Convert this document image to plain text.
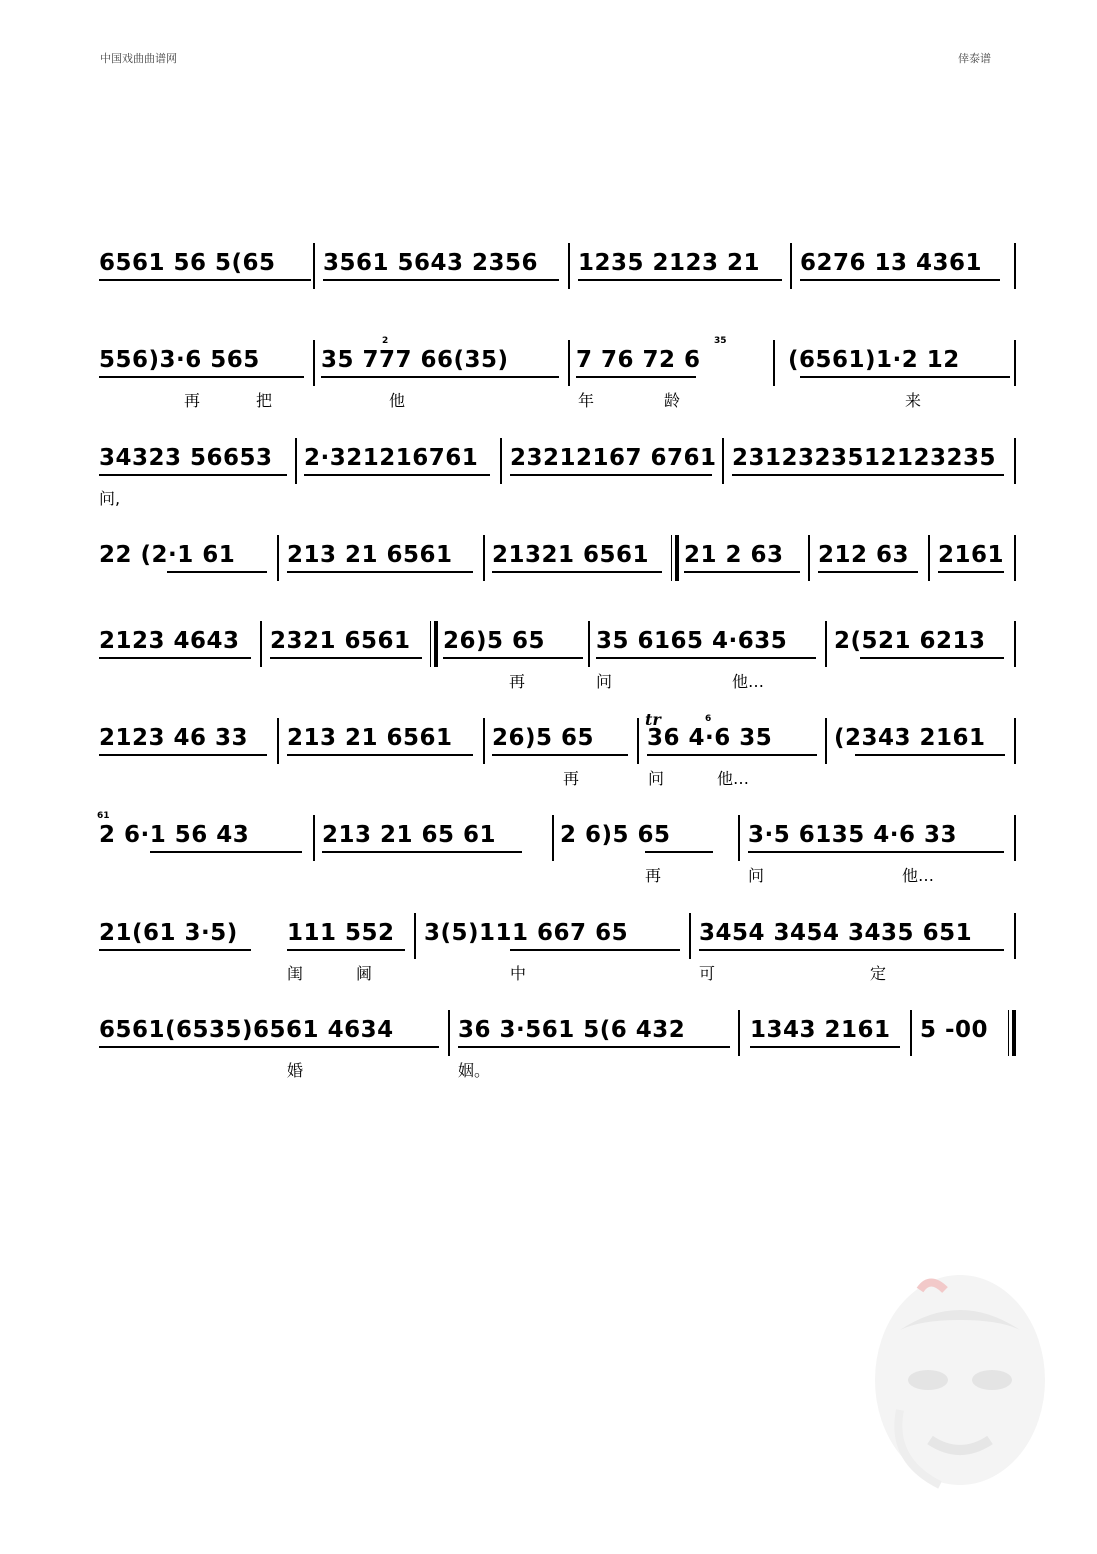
中国戏曲曲谱网	倖泰谱
6561 56 5(65 3561 5643 2356 1235 2123 21 6276 13 4361
556)3·6 565	35 777 66(35)
2
7 76 72 6
35
(6561)1·2 12
再	把	他	年	龄	来
34323 56653 2·321216761 23212167 6761 2312323512123235
问,
22 (2·1 61 213 21 6561 21321 6561 21 2 63 212 63 2161
2123 4643 2321 6561 26)5 65 35 6165 4·635 2(521 6213
再	问	他…
2123 46 33 213 21 6561 26)5 65
tr
36 4·6 35
6
(2343 2161
再	问	他…
61
2 6·1 56 43	213 21 65 61	2 6)5 65	3·5 6135 4·6 33
再	问	他…
21(61 3·5) 111 552 3(5)111 667 65	3454 3454 3435 651
闺	阃	中	可	定
6561(6535)6561 4634	36 3·561 5(6 432	1343 2161 5 -00
婚	姻。
